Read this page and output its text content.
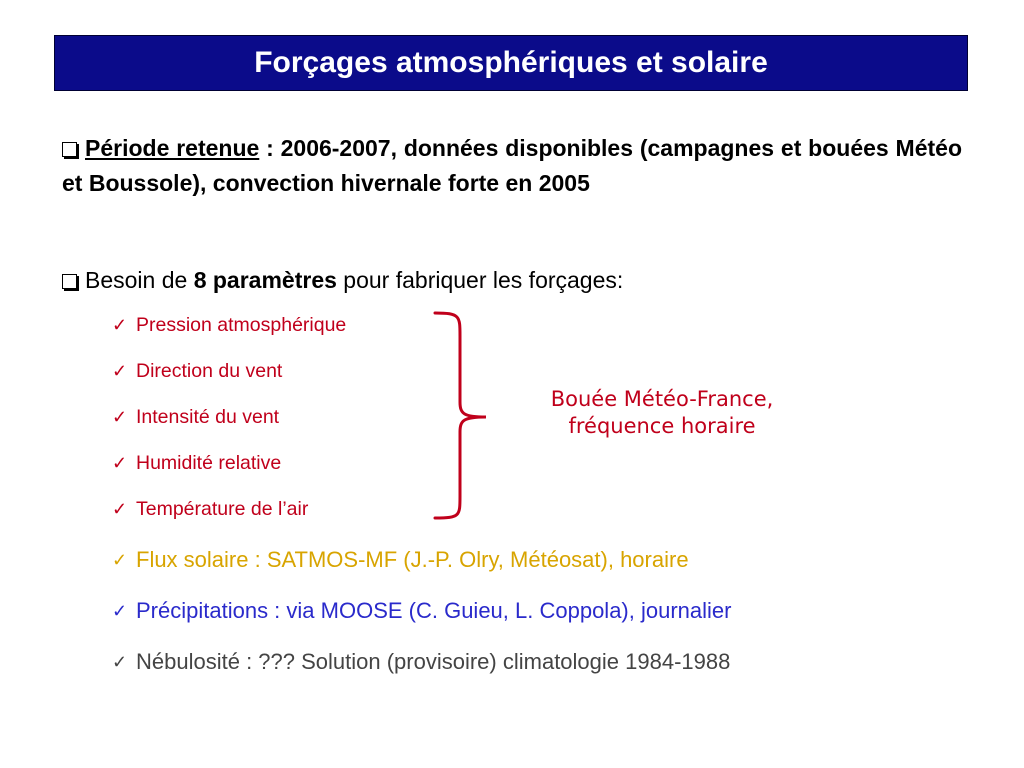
Forçages atmosphériques et solaire
Période retenue : 2006-2007, données disponibles (campagnes et bouées Météo et Boussole), convection hivernale forte en 2005
Besoin de 8 paramètres pour fabriquer les forçages:
✓ Pression atmosphérique
✓ Direction du vent
✓ Intensité du vent
✓ Humidité relative
✓ Température de l’air
✓ Flux solaire : SATMOS-MF (J.-P. Olry, Météosat), horaire
✓ Précipitations : via MOOSE (C. Guieu, L. Coppola), journalier
✓ Nébulosité : ??? Solution (provisoire) climatologie 1984-1988
Bouée Météo-France,
fréquence horaire
